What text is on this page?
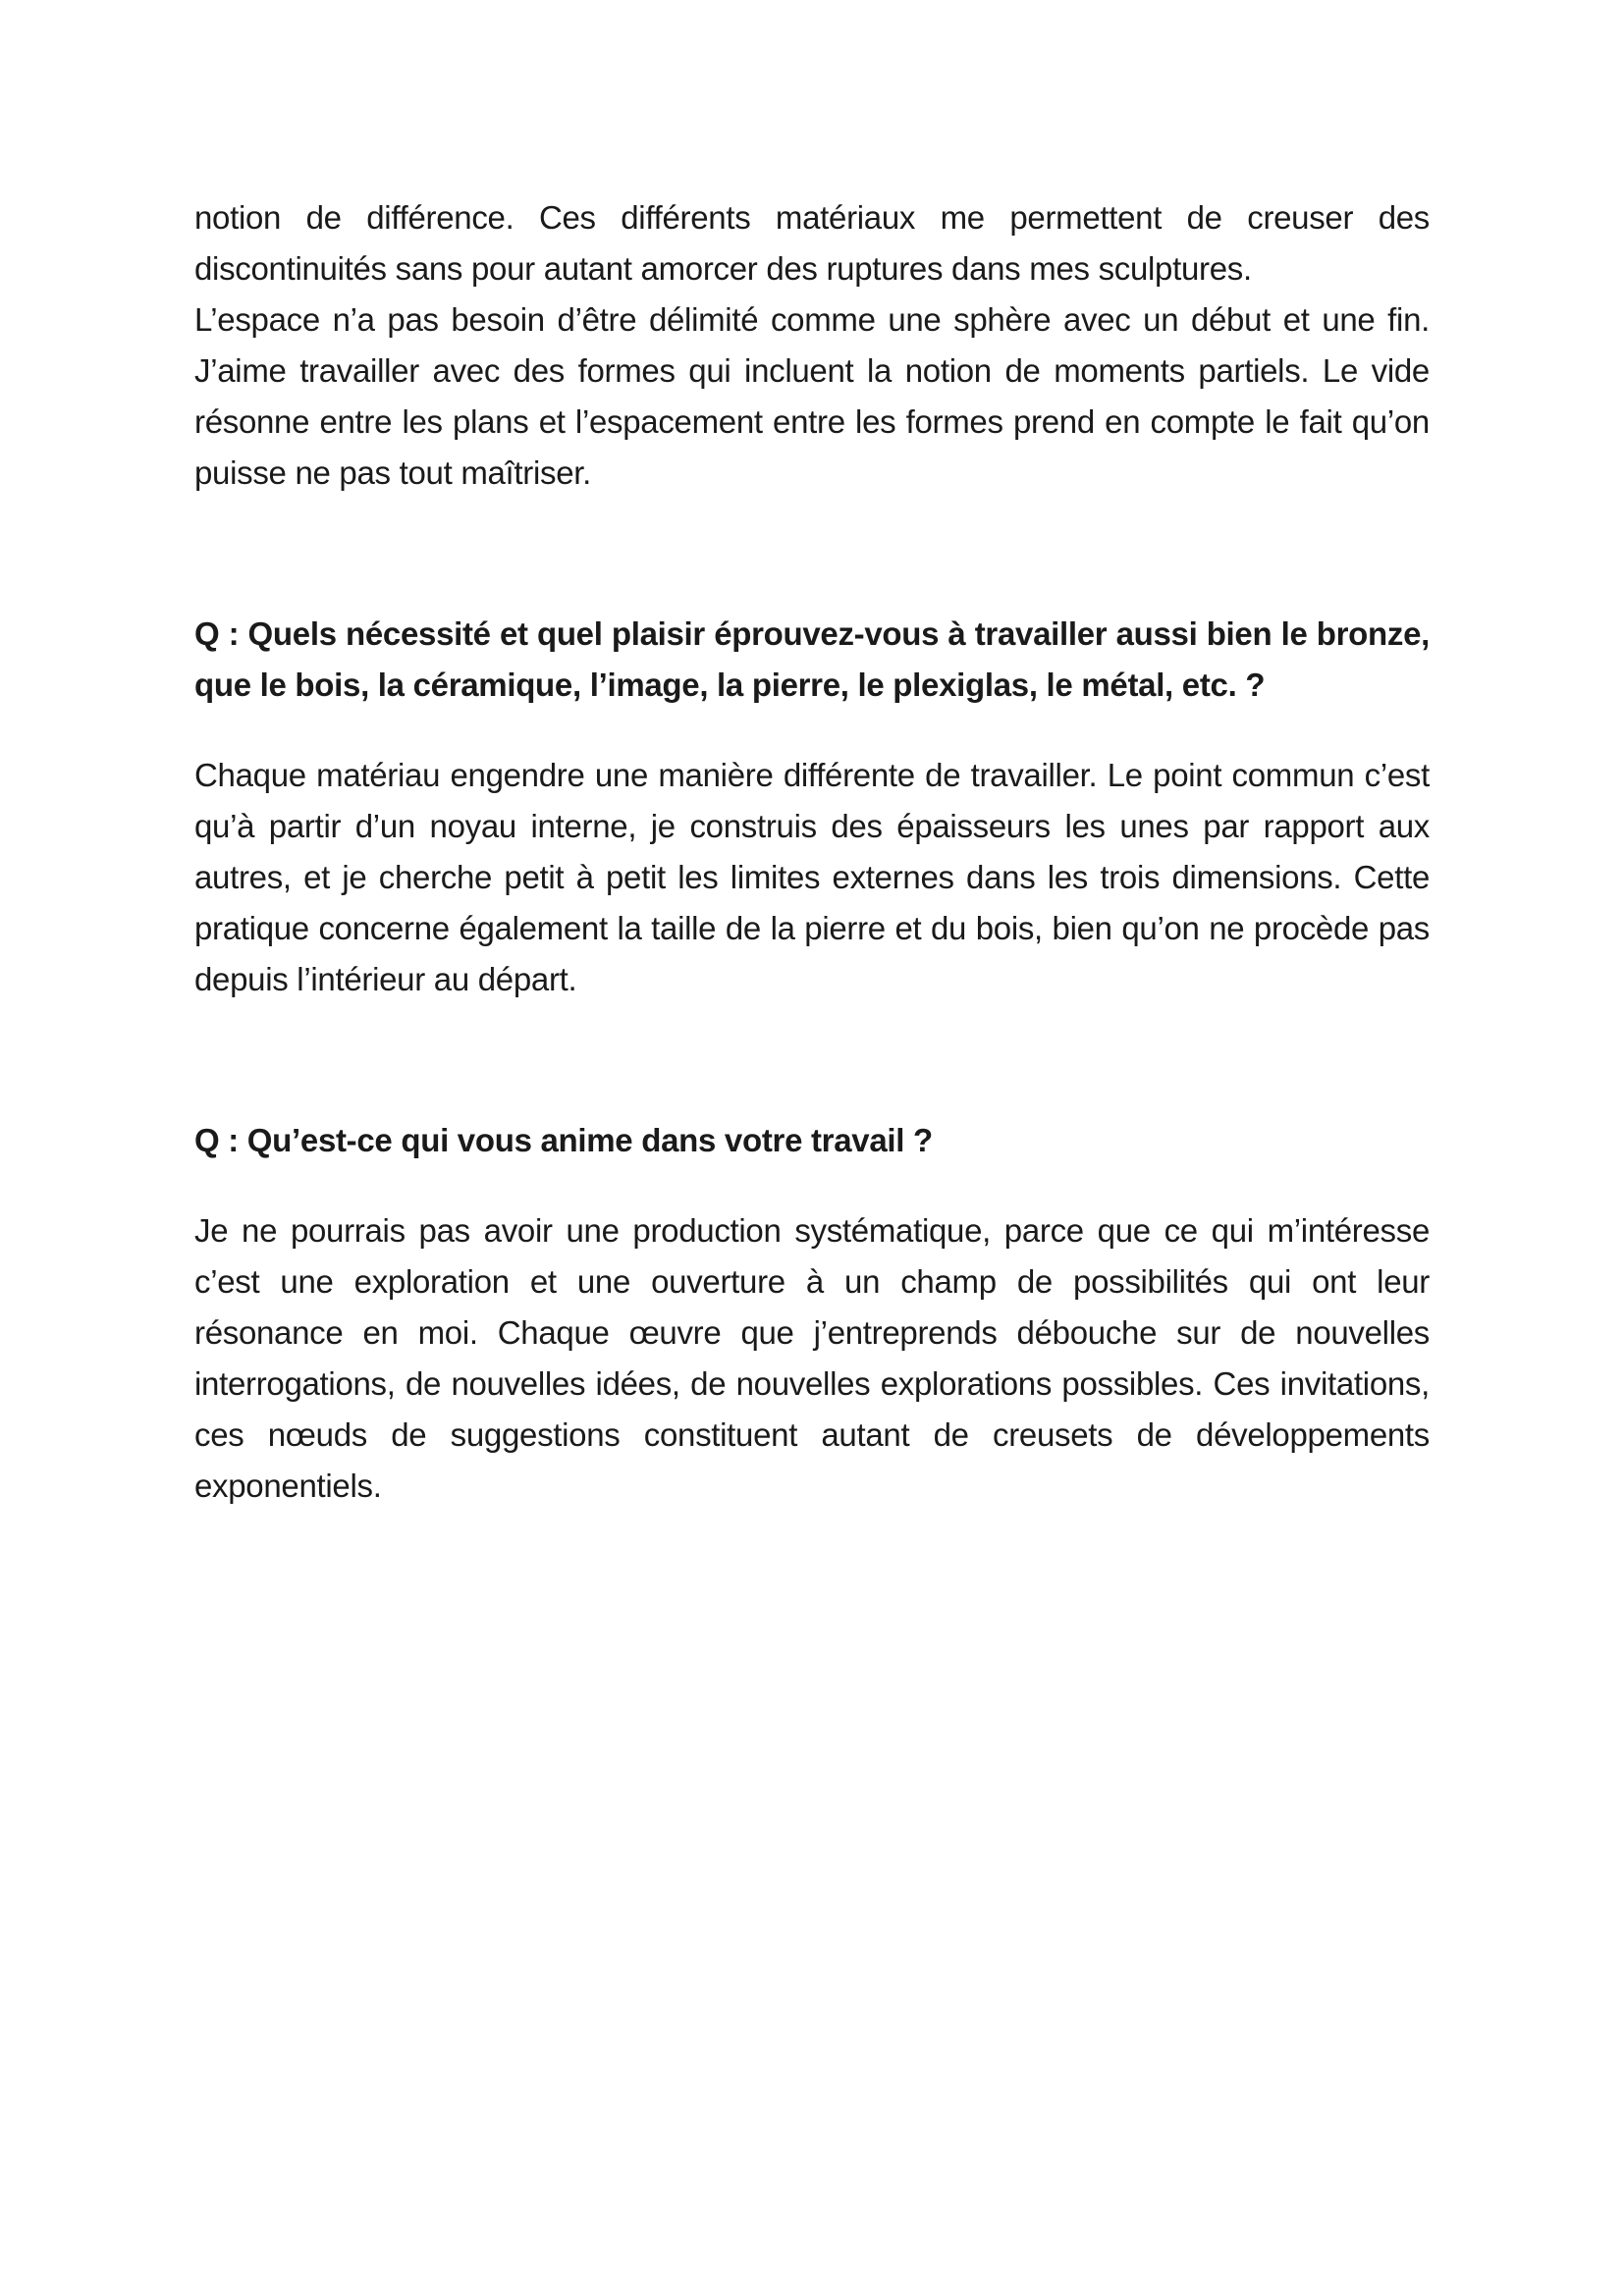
notion de différence. Ces différents matériaux me permettent de creuser des discontinuités sans pour autant amorcer des ruptures dans mes sculptures.

L’espace n’a pas besoin d’être délimité comme une sphère avec un début et une fin. J’aime travailler avec des formes qui incluent la notion de moments partiels. Le vide résonne entre les plans et l’espacement entre les formes prend en compte le fait qu’on puisse ne pas tout maîtriser.

Q : Quels nécessité et quel plaisir éprouvez-vous à travailler aussi bien le bronze, que le bois, la céramique, l’image, la pierre, le plexiglas, le métal, etc. ?

Chaque matériau engendre une manière différente de travailler. Le point commun c’est qu’à partir d’un noyau interne, je construis des épaisseurs les unes par rapport aux autres, et je cherche petit à petit les limites externes dans les trois dimensions. Cette pratique concerne également la taille de la pierre et du bois, bien qu’on ne procède pas depuis l’intérieur au départ.

Q : Qu’est-ce qui vous anime dans votre travail ?

Je ne pourrais pas avoir une production systématique, parce que ce qui m’intéresse c’est une exploration et une ouverture à un champ de possibilités qui ont leur résonance en moi. Chaque œuvre que j’entreprends débouche sur de nouvelles interrogations, de nouvelles idées, de nouvelles explorations possibles. Ces invitations, ces nœuds de suggestions constituent autant de creusets de développements exponentiels.
